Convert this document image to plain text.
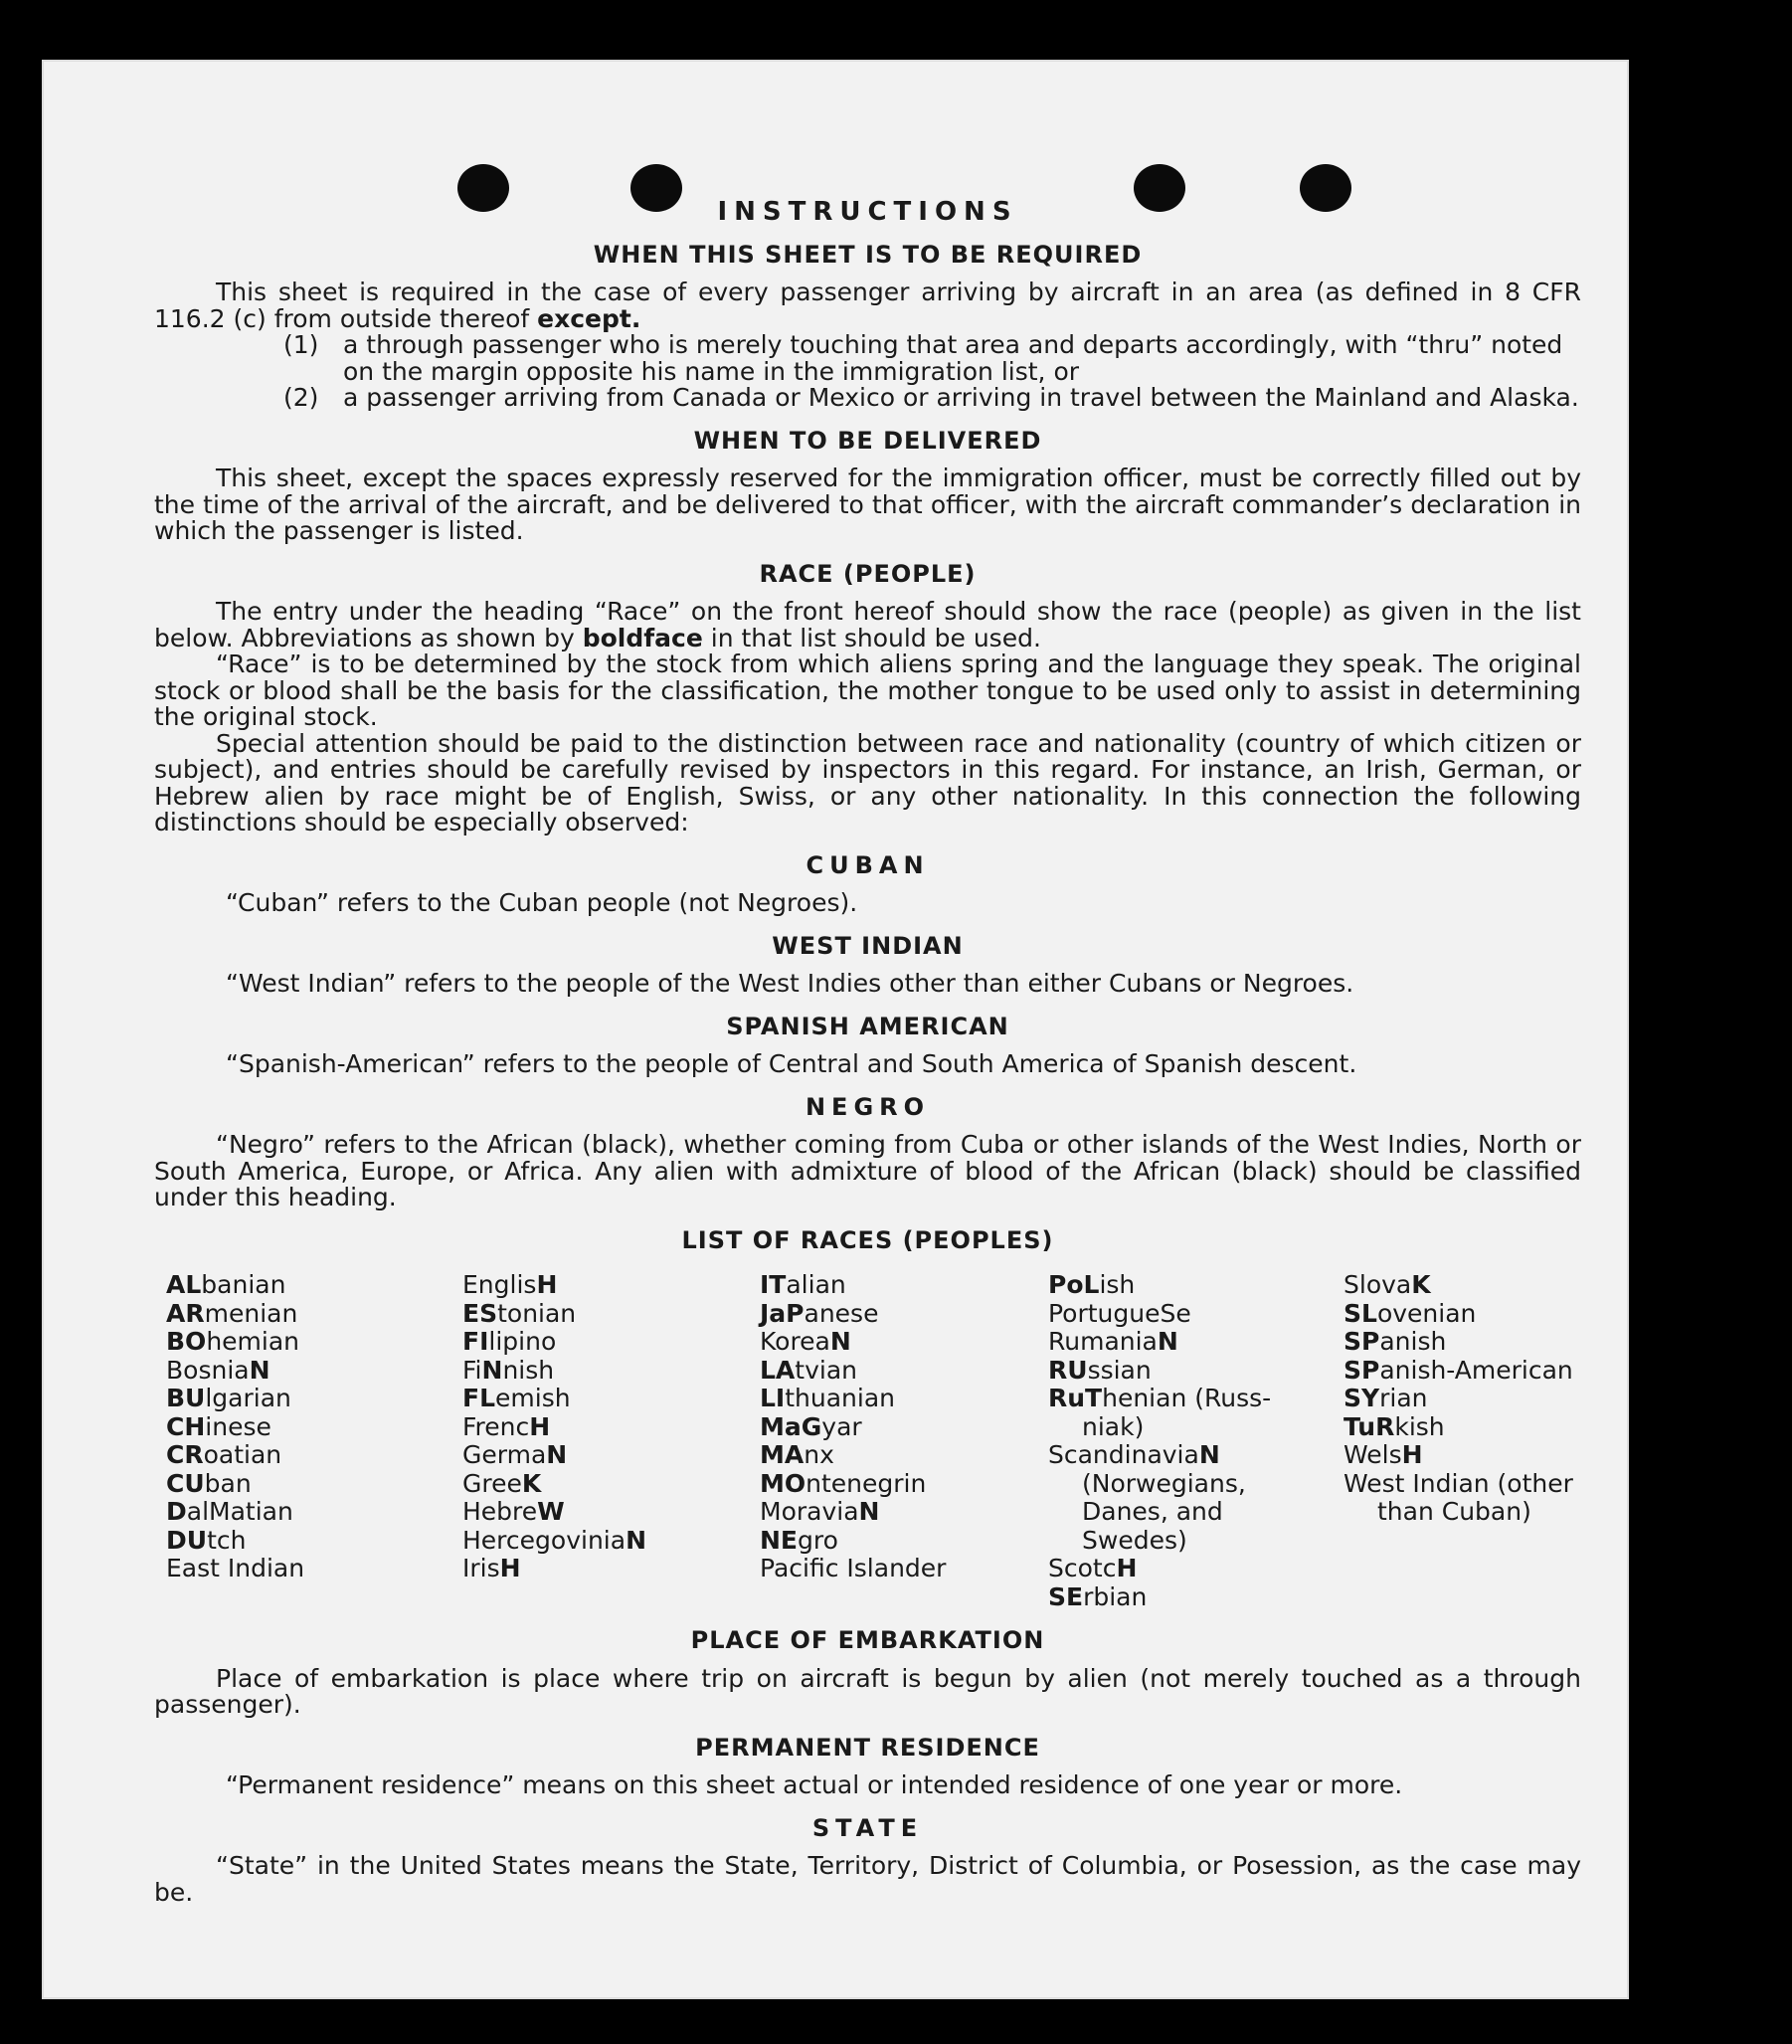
INSTRUCTIONS
WHEN THIS SHEET IS TO BE REQUIRED

This sheet is required in the case of every passenger arriving by aircraft in an area (as defined in 8 CFR 116.2 (c) from outside thereof except.

(1) a through passenger who is merely touching that area and departs accordingly, with “thru” noted on the margin opposite his name in the immigration list, or
(2) a passenger arriving from Canada or Mexico or arriving in travel between the Mainland and Alaska.
WHEN TO BE DELIVERED

This sheet, except the spaces expressly reserved for the immigration officer, must be correctly filled out by the time of the arrival of the aircraft, and be delivered to that officer, with the aircraft commander’s declaration in which the passenger is listed.

RACE (PEOPLE)

The entry under the heading “Race” on the front hereof should show the race (people) as given in the list below. Abbreviations as shown by boldface in that list should be used.

“Race” is to be determined by the stock from which aliens spring and the language they speak. The original stock or blood shall be the basis for the classification, the mother tongue to be used only to assist in determining the original stock.

Special attention should be paid to the distinction between race and nationality (country of which citizen or subject), and entries should be carefully revised by inspectors in this regard. For instance, an Irish, German, or Hebrew alien by race might be of English, Swiss, or any other nationality. In this connection the following distinctions should be especially observed:

CUBAN

“Cuban” refers to the Cuban people (not Negroes).

WEST INDIAN

“West Indian” refers to the people of the West Indies other than either Cubans or Negroes.

SPANISH AMERICAN

“Spanish-American” refers to the people of Central and South America of Spanish descent.

NEGRO

“Negro” refers to the African (black), whether coming from Cuba or other islands of the West Indies, North or South America, Europe, or Africa. Any alien with admixture of blood of the African (black) should be classified under this heading.

LIST OF RACES (PEOPLES)
ALbanian
ARmenian
BOhemian
BosniaN
BUlgarian
CHinese
CRoatian
CUban
DalMatian
DUtch
East Indian
EnglisH
EStonian
FIlipino
FiNnish
FLemish
FrencH
GermaN
GreeK
HebreW
HercegoviniaN
IrisH
ITalian
JaPanese
KoreaN
LAtvian
LIthuanian
MaGyar
MAnx
MOntenegrin
MoraviaN
NEgro
Pacific Islander
PoLish
PortugueSe
RumaniaN
RUssian
RuThenian (Russ-
niak)
ScandinaviaN
(Norwegians,
Danes, and
Swedes)
ScotcH
SErbian
SlovaK
SLovenian
SPanish
SPanish-American
SYrian
TuRkish
WelsH
West Indian (other
than Cuban)
PLACE OF EMBARKATION

Place of embarkation is place where trip on aircraft is begun by alien (not merely touched as a through passenger).

PERMANENT RESIDENCE

“Permanent residence” means on this sheet actual or intended residence of one year or more.

STATE

“State” in the United States means the State, Territory, District of Columbia, or Posession, as the case may be.
